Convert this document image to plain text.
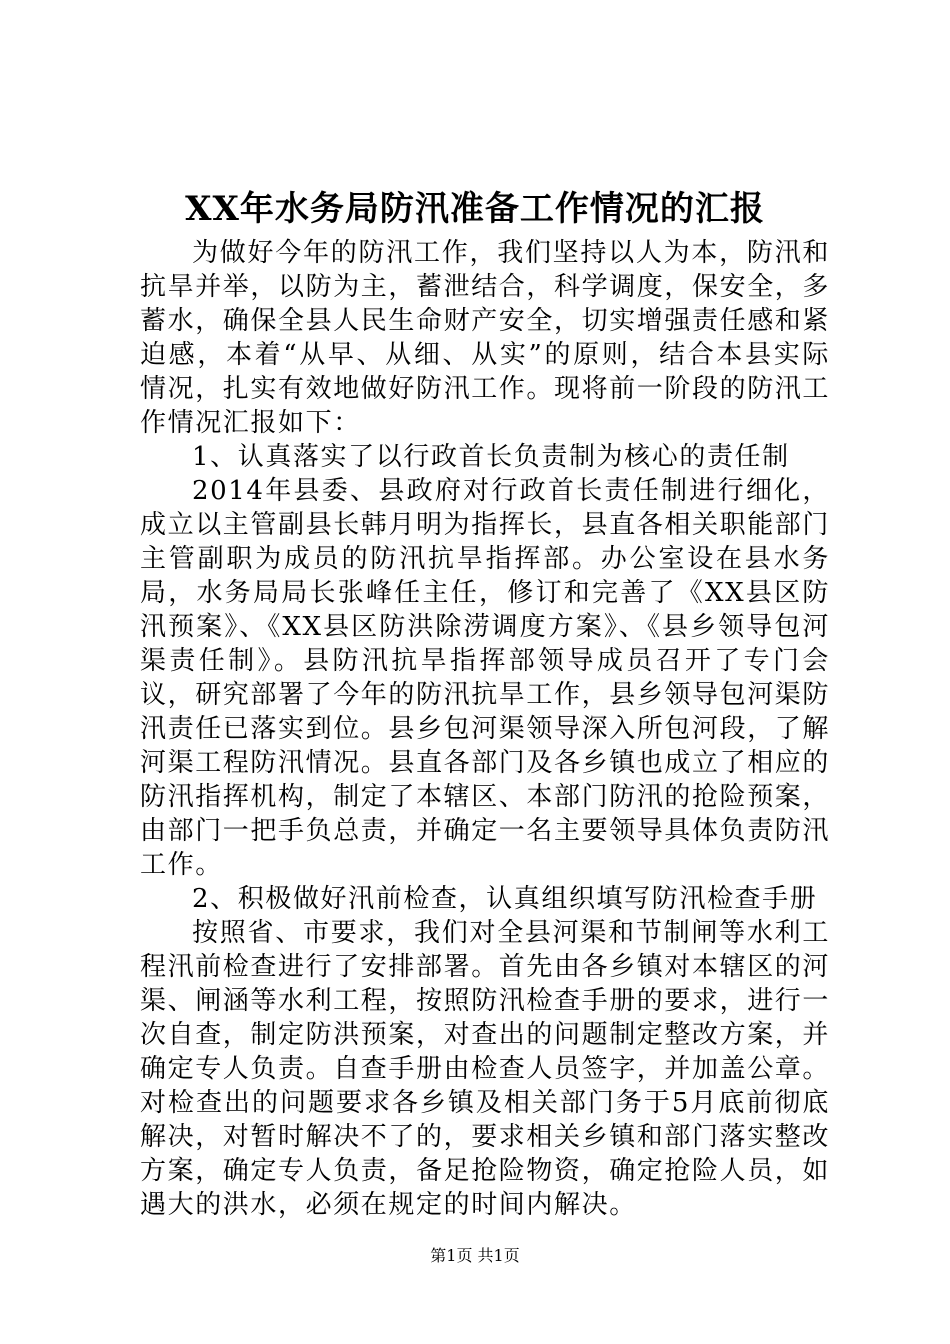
XX年水务局防汛准备工作情况的汇报

为做好今年的防汛工作，我们坚持以人为本，防汛和抗旱并举，以防为主，蓄泄结合，科学调度，保安全，多蓄水，确保全县人民生命财产安全，切实增强责任感和紧迫感，本着“从早、从细、从实”的原则，结合本县实际情况，扎实有效地做好防汛工作。现将前一阶段的防汛工作情况汇报如下：

1、认真落实了以行政首长负责制为核心的责任制

2014年县委、县政府对行政首长责任制进行细化，成立以主管副县长韩月明为指挥长，县直各相关职能部门主管副职为成员的防汛抗旱指挥部。办公室设在县水务局，水务局局长张峰任主任，修订和完善了《XX县区防汛预案》、《XX县区防洪除涝调度方案》、《县乡领导包河渠责任制》。县防汛抗旱指挥部领导成员召开了专门会议，研究部署了今年的防汛抗旱工作，县乡领导包河渠防汛责任已落实到位。县乡包河渠领导深入所包河段，了解河渠工程防汛情况。县直各部门及各乡镇也成立了相应的防汛指挥机构，制定了本辖区、本部门防汛的抢险预案，由部门一把手负总责，并确定一名主要领导具体负责防汛工作。

2、积极做好汛前检查，认真组织填写防汛检查手册

按照省、市要求，我们对全县河渠和节制闸等水利工程汛前检查进行了安排部署。首先由各乡镇对本辖区的河渠、闸涵等水利工程，按照防汛检查手册的要求，进行一次自查，制定防洪预案，对查出的问题制定整改方案，并确定专人负责。自查手册由检查人员签字，并加盖公章。对检查出的问题要求各乡镇及相关部门务于5月底前彻底解决，对暂时解决不了的，要求相关乡镇和部门落实整改方案，确定专人负责，备足抢险物资，确定抢险人员，如遇大的洪水，必须在规定的时间内解决。

第1页 共1页
